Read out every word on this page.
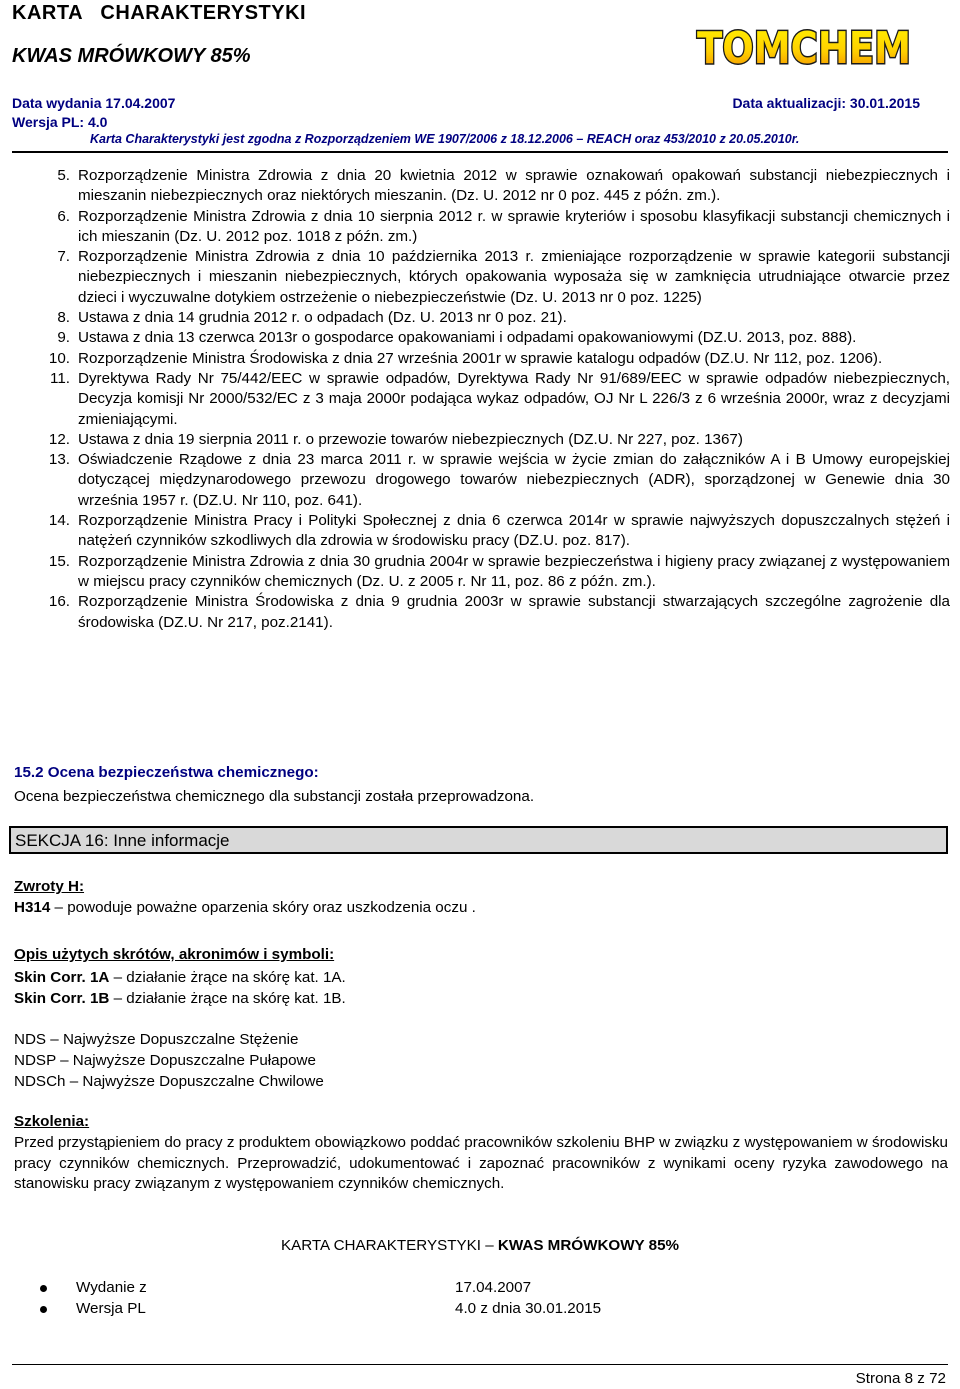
KARTA   CHARAKTERYSTYKI
KWAS MRÓWKOWY 85%	TOMCHEM
Data wydania 17.04.2007	Data aktualizacji: 30.01.2015
Wersja PL: 4.0
Karta Charakterystyki jest zgodna z Rozporządzeniem WE 1907/2006 z 18.12.2006 – REACH oraz 453/2010 z 20.05.2010r.
5. Rozporządzenie Ministra Zdrowia z dnia 20 kwietnia 2012 w sprawie oznakowań opakowań substancji niebezpiecznych i mieszanin niebezpiecznych oraz niektórych mieszanin. (Dz. U. 2012 nr 0 poz. 445 z późn. zm.).
6. Rozporządzenie Ministra Zdrowia z dnia 10 sierpnia 2012 r. w sprawie kryteriów i sposobu klasyfikacji substancji chemicznych i ich mieszanin (Dz. U. 2012 poz. 1018 z późn. zm.)
7. Rozporządzenie Ministra Zdrowia z dnia 10 października 2013 r. zmieniające rozporządzenie w sprawie kategorii substancji niebezpiecznych i mieszanin niebezpiecznych, których opakowania wyposaża się w zamknięcia utrudniające otwarcie przez dzieci i wyczuwalne dotykiem ostrzeżenie o niebezpieczeństwie (Dz. U. 2013 nr 0 poz. 1225)
8. Ustawa z dnia 14 grudnia 2012 r. o odpadach (Dz. U. 2013 nr 0 poz. 21).
9. Ustawa z dnia 13 czerwca 2013r o gospodarce opakowaniami i odpadami opakowaniowymi (DZ.U. 2013, poz. 888).
10. Rozporządzenie Ministra Środowiska z dnia 27 września 2001r w sprawie katalogu odpadów (DZ.U. Nr 112, poz. 1206).
11. Dyrektywa Rady Nr 75/442/EEC w sprawie odpadów, Dyrektywa Rady Nr 91/689/EEC w sprawie odpadów niebezpiecznych, Decyzja komisji Nr 2000/532/EC z 3 maja 2000r podająca wykaz odpadów, OJ Nr L 226/3 z 6 września 2000r, wraz z decyzjami zmieniającymi.
12. Ustawa z dnia 19 sierpnia 2011 r. o przewozie towarów niebezpiecznych (DZ.U. Nr 227, poz. 1367)
13. Oświadczenie Rządowe z dnia 23 marca 2011 r. w sprawie wejścia w życie zmian do załączników A i B Umowy europejskiej dotyczącej międzynarodowego przewozu drogowego towarów niebezpiecznych (ADR), sporządzonej w Genewie dnia 30 września 1957 r. (DZ.U. Nr 110, poz. 641).
14. Rozporządzenie Ministra Pracy i Polityki Społecznej z dnia 6 czerwca 2014r w sprawie najwyższych dopuszczalnych stężeń i natężeń czynników szkodliwych dla zdrowia w środowisku pracy (DZ.U. poz. 817).
15. Rozporządzenie Ministra Zdrowia z dnia 30 grudnia 2004r w sprawie bezpieczeństwa i higieny pracy związanej z występowaniem w miejscu pracy czynników chemicznych (Dz. U. z 2005 r. Nr 11, poz. 86 z późn. zm.).
16. Rozporządzenie Ministra Środowiska z dnia 9 grudnia 2003r w sprawie substancji stwarzających szczególne zagrożenie dla środowiska (DZ.U. Nr 217, poz.2141).
15.2 Ocena bezpieczeństwa chemicznego:
Ocena bezpieczeństwa chemicznego dla substancji została przeprowadzona.
SEKCJA 16: Inne informacje
Zwroty H:
H314 – powoduje poważne oparzenia skóry oraz uszkodzenia oczu .
Opis użytych skrótów, akronimów i symboli:
Skin Corr. 1A – działanie żrące na skórę kat. 1A.
Skin Corr. 1B – działanie żrące na skórę kat. 1B.
NDS – Najwyższe Dopuszczalne Stężenie
NDSP – Najwyższe Dopuszczalne Pułapowe
NDSCh – Najwyższe Dopuszczalne Chwilowe
Szkolenia:
Przed przystąpieniem do pracy z produktem obowiązkowo poddać pracowników szkoleniu BHP w związku z występowaniem w środowisku pracy czynników chemicznych. Przeprowadzić, udokumentować i zapoznać pracowników z wynikami oceny ryzyka zawodowego na stanowisku pracy związanym z występowaniem czynników chemicznych.
KARTA CHARAKTERYSTYKI – KWAS MRÓWKOWY 85%
Wydanie z	17.04.2007
Wersja PL	4.0 z dnia 30.01.2015
Strona 8 z 72
